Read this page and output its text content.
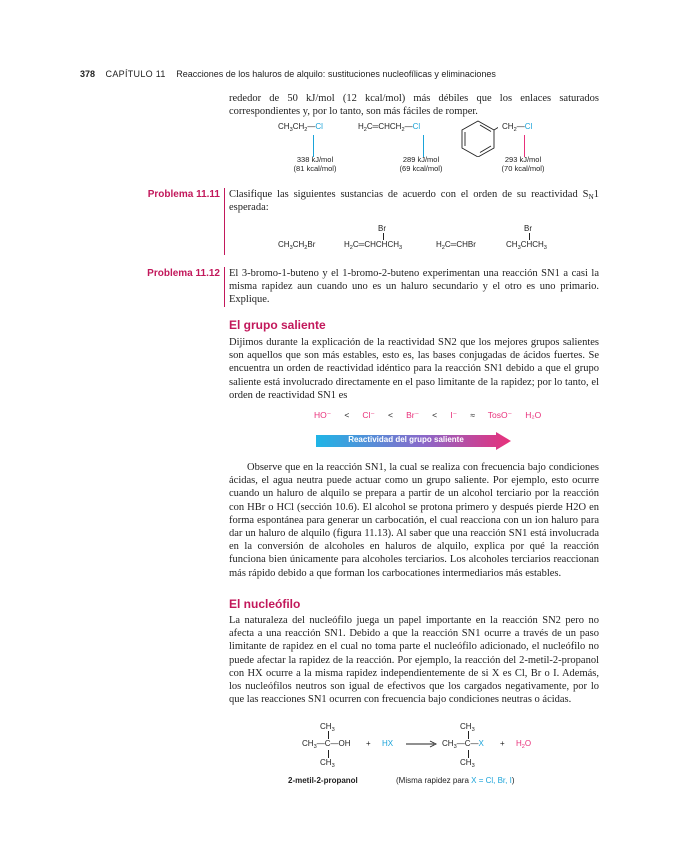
378 CAPÍTULO 11 Reacciones de los haluros de alquilo: sustituciones nucleofílicas y eliminaciones

rededor de 50 kJ/mol (12 kcal/mol) más débiles que los enlaces saturados correspondientes y, por lo tanto, son más fáciles de romper.

$CH_3CH_2—Cl$
338 kJ/mol
(81 kcal/mol)
$H_2C═CHCH_2—Cl$
289 kJ/mol
(69 kcal/mol)
$CH_2—Cl$
293 kJ/mol
(70 kcal/mol)
Problema 11.11 Clasifique las siguientes sustancias de acuerdo con el orden de su reactividad $S_N1$ esperada:

$CH_3CH_2Br$
Br
$H_2C═CHCHCH_3$	$H_2C═CHBr$
Br
$CH_3CHCH_3$
Problema 11.12 El 3-bromo-1-buteno y el 1-bromo-2-buteno experimentan una reacción SN1 a casi la misma rapidez aun cuando uno es un haluro secundario y el otro es uno primario. Explique.

El grupo saliente

Dijimos durante la explicación de la reactividad SN2 que los mejores grupos salientes son aquellos que son más estables, esto es, las bases conjugadas de ácidos fuertes. Se encuentra un orden de reactividad idéntico para la reacción SN1 debido a que el grupo saliente está involucrado directamente en el paso limitante de la rapidez; por lo tanto, el orden de reactividad SN1 es

HO⁻ < Cl⁻ < Br⁻ < I⁻ ≈ TosO⁻ H₂O
Reactividad del grupo saliente

Observe que en la reacción SN1, la cual se realiza con frecuencia bajo condiciones ácidas, el agua neutra puede actuar como un grupo saliente. Por ejemplo, esto ocurre cuando un haluro de alquilo se prepara a partir de un alcohol terciario por la reacción con HBr o HCl (sección 10.6). El alcohol se protona primero y después pierde H2O en forma espontánea para generar un carbocatión, el cual reacciona con un ion haluro para dar un haluro de alquilo (figura 11.13). Al saber que una reacción SN1 está involucrada en la conversión de alcoholes en haluros de alquilo, explica por qué la reacción funciona bien únicamente para alcoholes terciarios. Los alcoholes terciarios reaccionan más rápido debido a que forman los carbocationes intermediarios más estables.

El nucleófilo

La naturaleza del nucleófilo juega un papel importante en la reacción SN2 pero no afecta a una reacción SN1. Debido a que la reacción SN1 ocurre a través de un paso limitante de rapidez en el cual no toma parte el nucleófilo adicionado, el nucleófilo no puede afectar la rapidez de la reacción. Por ejemplo, la reacción del 2-metil-2-propanol con HX ocurre a la misma rapidez independientemente de si X es Cl, Br o I. Además, los nucleófilos neutros son igual de efectivos que los cargados negativamente, por lo que las reacciones SN1 ocurren con frecuencia bajo condiciones neutras o ácidas.

$CH_3$
$CH_3—C—OH$
$CH_3$
+ HX →
$CH_3$
$CH_3—C—X$
$CH_3$
+ $H_2O$
2-metil-2-propanol	(Misma rapidez para X = Cl, Br, I)
